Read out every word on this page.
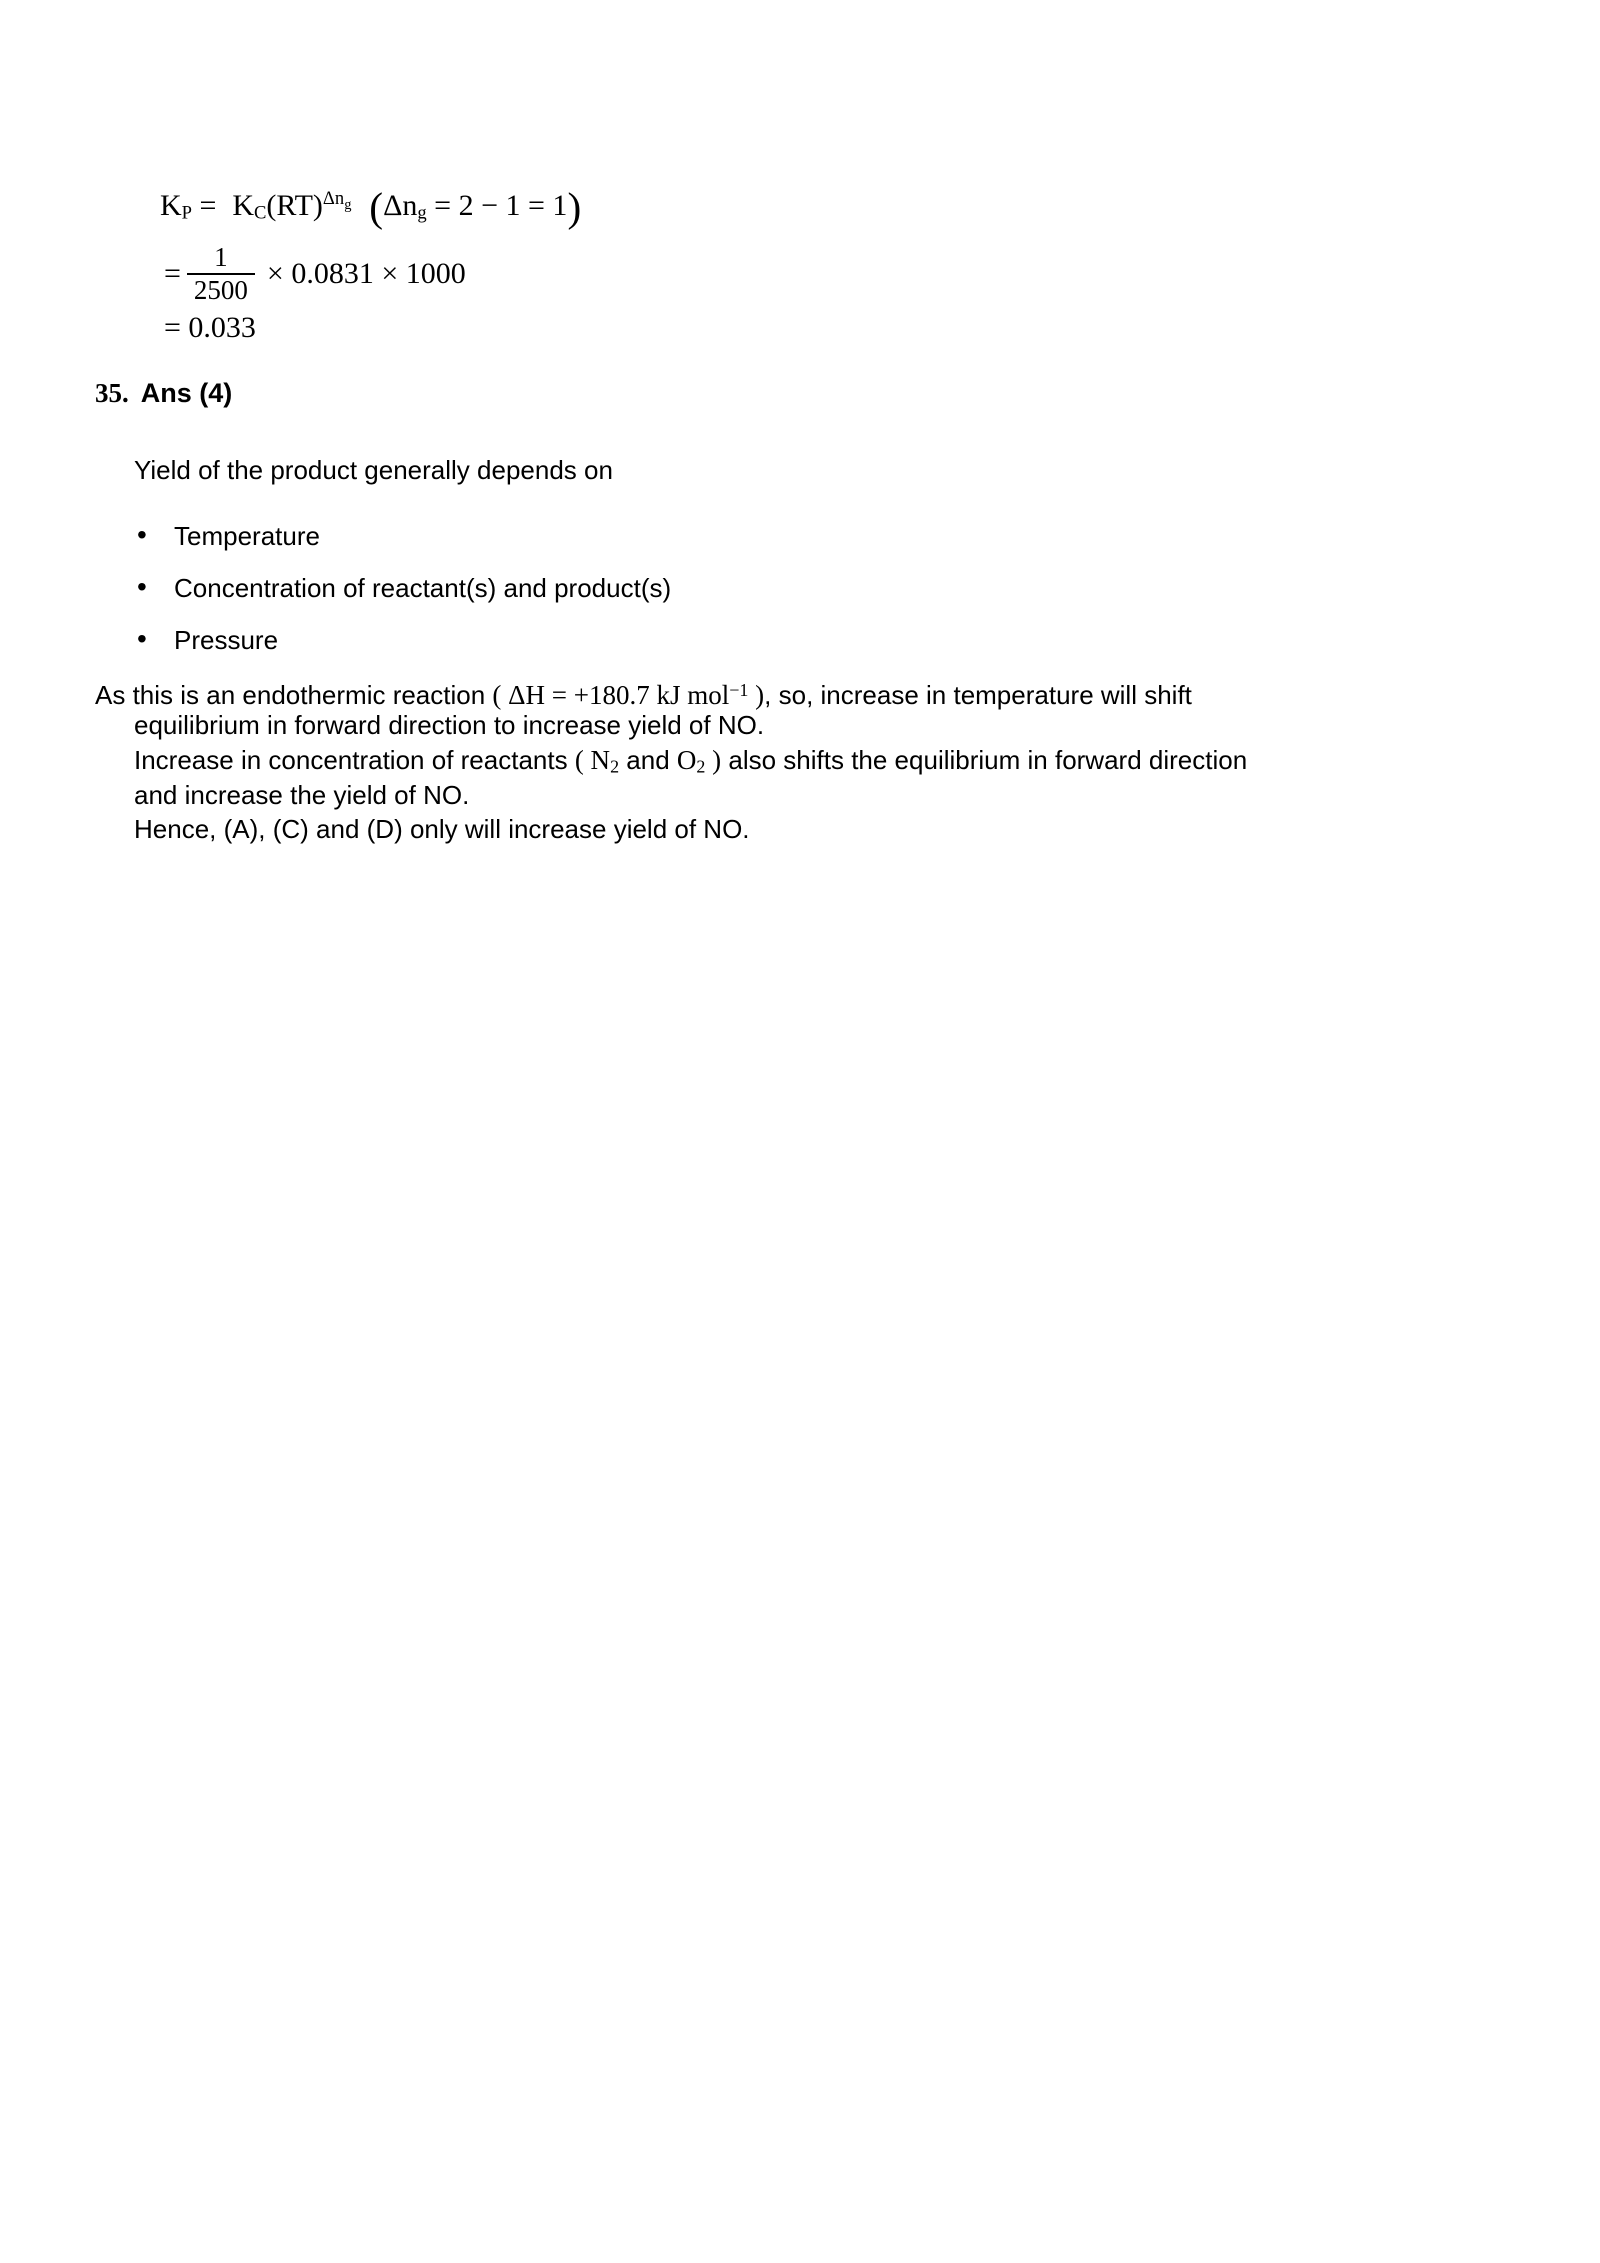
KP = KC(RT)$^{\Delta n_g}$ (Δng = 2 − 1 = 1)
= $\frac{1}{2500} \times 0.0831 \times 1000$
= 0.033
35. Ans (4)
Yield of the product generally depends on
•	Temperature
•	Concentration of reactant(s) and product(s)
•	Pressure
As this is an endothermic reaction ( ΔH = +180.7 kJ mol$^{-1}$ ), so, increase in temperature will shift
equilibrium in forward direction to increase yield of NO.
Increase in concentration of reactants ( N2 and O2 ) also shifts the equilibrium in forward direction
and increase the yield of NO.
Hence, (A), (C) and (D) only will increase yield of NO.
